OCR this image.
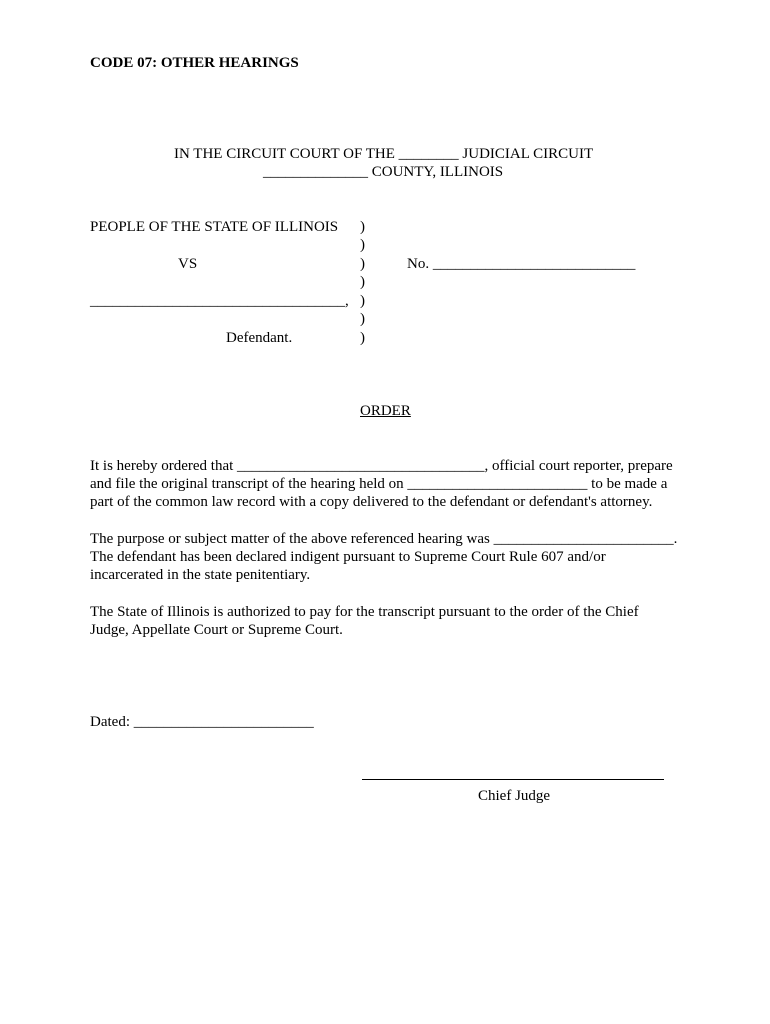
CODE 07: OTHER HEARINGS
IN THE CIRCUIT COURT OF THE ________ JUDICIAL CIRCUIT
______________ COUNTY, ILLINOIS
PEOPLE OF THE STATE OF ILLINOIS
VS
__________________________________,
Defendant.
)
)
)
)
)
)
)
No. ___________________________
ORDER
It is hereby ordered that _________________________________, official court reporter, prepare
and file the original transcript of the hearing held on ________________________ to be made a
part of the common law record with a copy delivered to the defendant or defendant's attorney.
The purpose or subject matter of the above referenced hearing was ________________________.
The defendant has been declared indigent pursuant to Supreme Court Rule 607 and/or
incarcerated in the state penitentiary.
The State of Illinois is authorized to pay for the transcript pursuant to the order of the Chief
Judge, Appellate Court or Supreme Court.
Dated: ________________________
Chief Judge
